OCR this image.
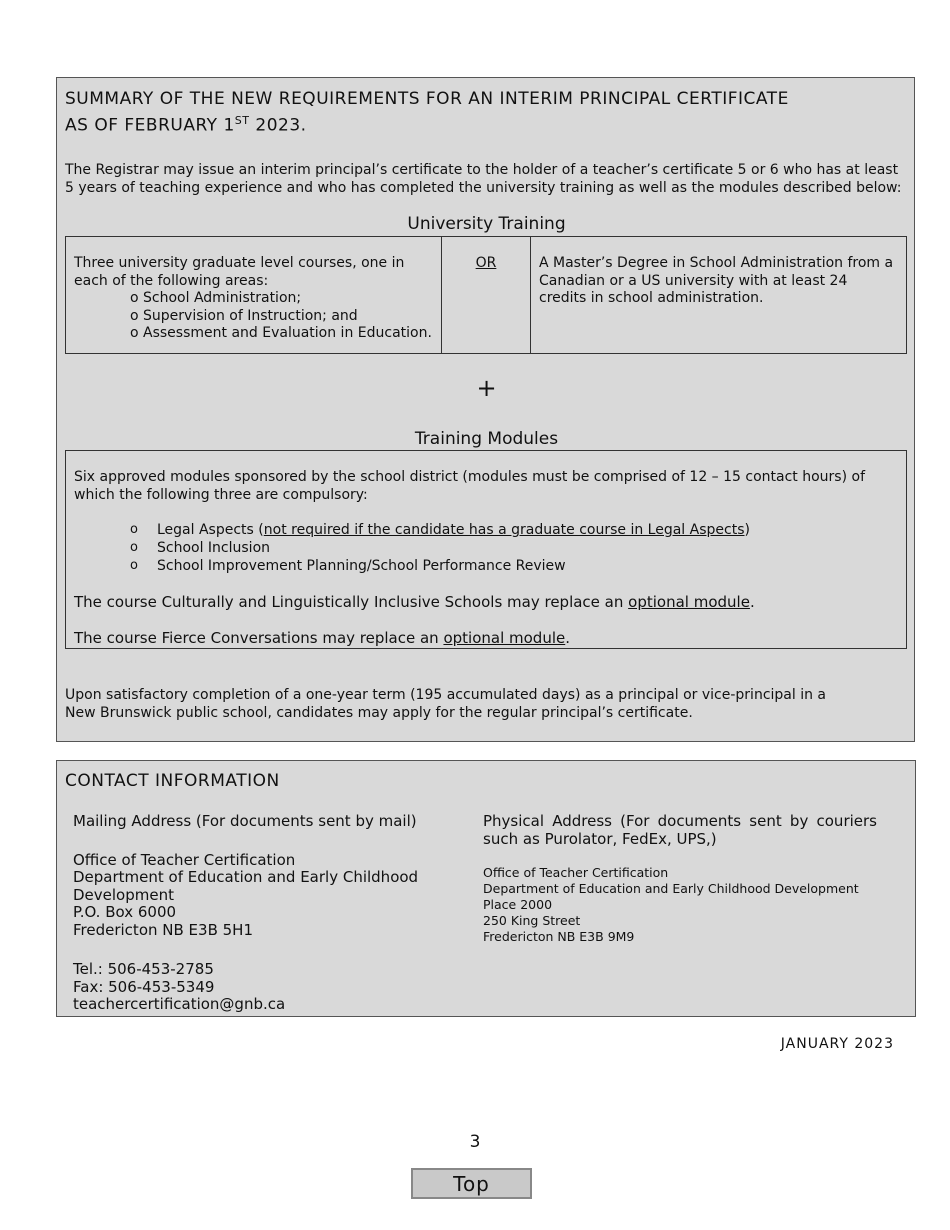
SUMMARY OF THE NEW REQUIREMENTS FOR AN INTERIM PRINCIPAL CERTIFICATE
AS OF FEBRUARY 1ST 2023.
The Registrar may issue an interim principal’s certificate to the holder of a teacher’s certificate 5 or 6 who has at least
5 years of teaching experience and who has completed the university training as well as the modules described below:
University Training
Three university graduate level courses, one in
each of the following areas:
o School Administration;
o Supervision of Instruction; and
o Assessment and Evaluation in Education.
	OR	A Master’s Degree in School Administration from a Canadian or a US university with at least 24 credits in school administration.
+
Training Modules
Six approved modules sponsored by the school district (modules must be comprised of 12 – 15 contact hours) of which the following three are compulsory:
o Legal Aspects (not required if the candidate has a graduate course in Legal Aspects)
o School Inclusion
o School Improvement Planning/School Performance Review
The course Culturally and Linguistically Inclusive Schools may replace an optional module.
The course Fierce Conversations may replace an optional module.
Upon satisfactory completion of a one-year term (195 accumulated days) as a principal or vice-principal in a
New Brunswick public school, candidates may apply for the regular principal’s certificate.
CONTACT INFORMATION
Mailing Address (For documents sent by mail)
Office of Teacher Certification
Department of Education and Early Childhood
Development
P.O. Box 6000
Fredericton NB E3B 5H1
Tel.: 506-453-2785
Fax: 506-453-5349
teachercertification@gnb.ca
Physical Address (For documents sent by couriers such as Purolator, FedEx, UPS,)
Office of Teacher Certification
Department of Education and Early Childhood Development
Place 2000
250 King Street
Fredericton NB E3B 9M9
JANUARY 2023
3
Top
